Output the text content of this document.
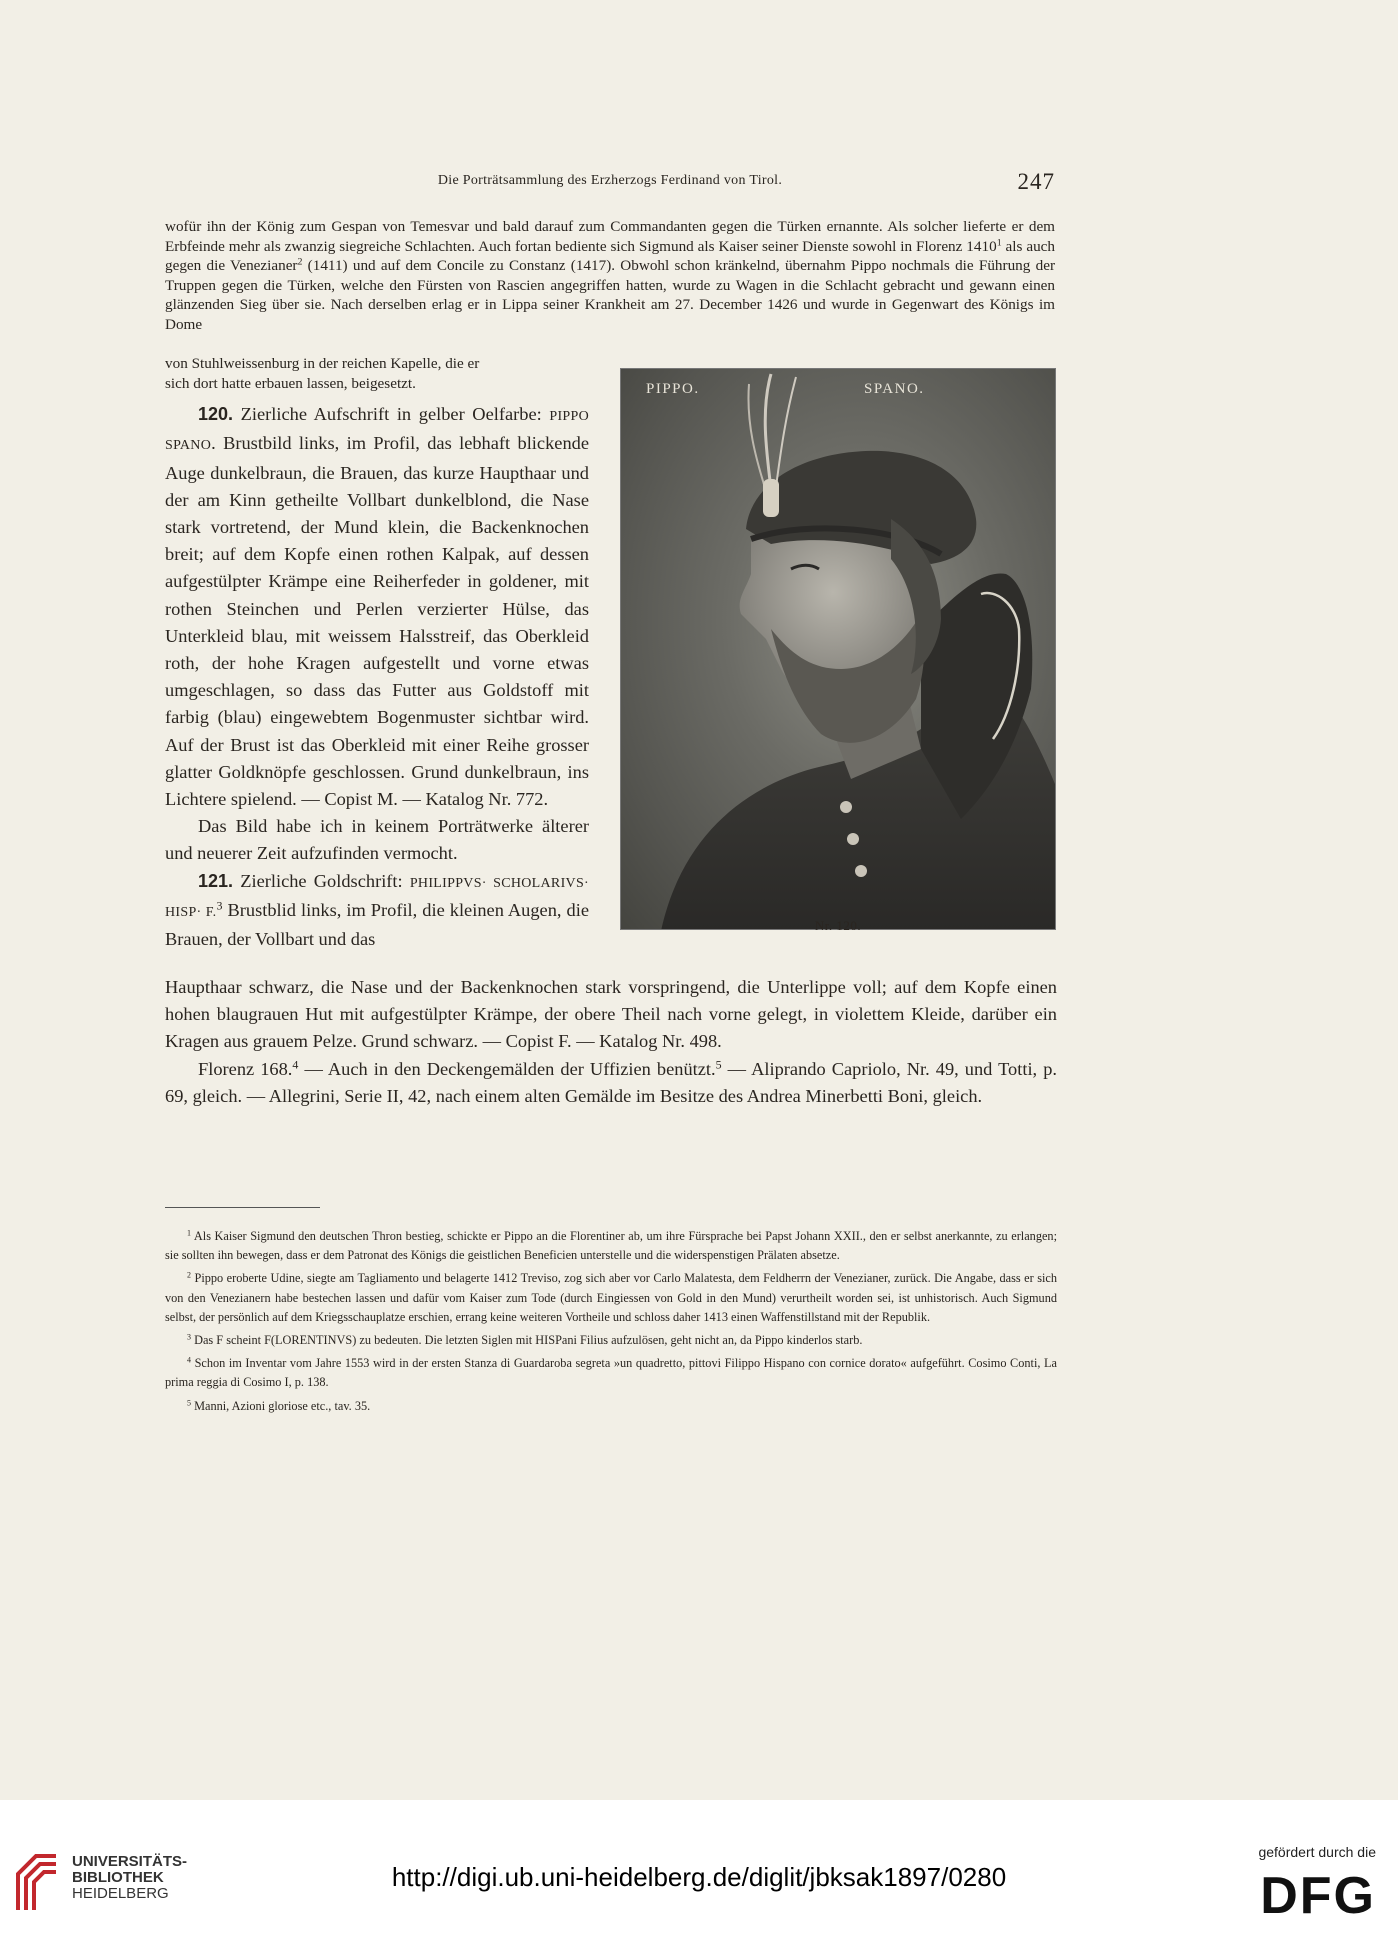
Die Porträtsammlung des Erzherzogs Ferdinand von Tirol.	247

wofür ihn der König zum Gespan von Temesvar und bald darauf zum Commandanten gegen die Türken ernannte. Als solcher lieferte er dem Erbfeinde mehr als zwanzig siegreiche Schlachten. Auch fortan bediente sich Sigmund als Kaiser seiner Dienste sowohl in Florenz 1410$^1$ als auch gegen die Venezianer$^2$ (1411) und auf dem Concile zu Constanz (1417). Obwohl schon kränkelnd, übernahm Pippo nochmals die Führung der Truppen gegen die Türken, welche den Fürsten von Rascien angegriffen hatten, wurde zu Wagen in die Schlacht gebracht und gewann einen glänzenden Sieg über sie. Nach derselben erlag er in Lippa seiner Krankheit am 27. December 1426 und wurde in Gegenwart des Königs im Dome

von Stuhlweissenburg in der reichen Kapelle, die er

sich dort hatte erbauen lassen, beigesetzt.

120. Zierliche Aufschrift in gelber Oelfarbe: PIPPO SPANO. Brustbild links, im Profil, das lebhaft blickende Auge dunkelbraun, die Brauen, das kurze Haupthaar und der am Kinn getheilte Vollbart dunkelblond, die Nase stark vortretend, der Mund klein, die Backenknochen breit; auf dem Kopfe einen rothen Kalpak, auf dessen aufgestülpter Krämpe eine Reiherfeder in goldener, mit rothen Steinchen und Perlen verzierter Hülse, das Unterkleid blau, mit weissem Halsstreif, das Oberkleid roth, der hohe Kragen aufgestellt und vorne etwas umgeschlagen, so dass das Futter aus Goldstoff mit farbig (blau) eingewebtem Bogenmuster sichtbar wird. Auf der Brust ist das Oberkleid mit einer Reihe grosser glatter Goldknöpfe geschlossen. Grund dunkelbraun, ins Lichtere spielend. — Copist M. — Katalog Nr. 772.

Das Bild habe ich in keinem Porträtwerke älterer und neuerer Zeit aufzufinden vermocht.

121. Zierliche Goldschrift: PHILIPPVS· SCHOLARIVS· HISP· F.$^3$ Brustblid links, im Profil, die kleinen Augen, die Brauen, der Vollbart und das

PIPPO.	SPANO.
Nr. 120.

Haupthaar schwarz, die Nase und der Backenknochen stark vorspringend, die Unterlippe voll; auf dem Kopfe einen hohen blaugrauen Hut mit aufgestülpter Krämpe, der obere Theil nach vorne gelegt, in violettem Kleide, darüber ein Kragen aus grauem Pelze. Grund schwarz. — Copist F. — Katalog Nr. 498.

Florenz 168.$^4$ — Auch in den Deckengemälden der Uffizien benützt.$^5$ — Aliprando Capriolo, Nr. 49, und Totti, p. 69, gleich. — Allegrini, Serie II, 42, nach einem alten Gemälde im Besitze des Andrea Minerbetti Boni, gleich.

$^1$ Als Kaiser Sigmund den deutschen Thron bestieg, schickte er Pippo an die Florentiner ab, um ihre Fürsprache bei Papst Johann XXII., den er selbst anerkannte, zu erlangen; sie sollten ihn bewegen, dass er dem Patronat des Königs die geistlichen Beneficien unterstelle und die widerspenstigen Prälaten absetze.

$^2$ Pippo eroberte Udine, siegte am Tagliamento und belagerte 1412 Treviso, zog sich aber vor Carlo Malatesta, dem Feldherrn der Venezianer, zurück. Die Angabe, dass er sich von den Venezianern habe bestechen lassen und dafür vom Kaiser zum Tode (durch Eingiessen von Gold in den Mund) verurtheilt worden sei, ist unhistorisch. Auch Sigmund selbst, der persönlich auf dem Kriegsschauplatze erschien, errang keine weiteren Vortheile und schloss daher 1413 einen Waffenstillstand mit der Republik.

$^3$ Das F scheint F(LORENTINVS) zu bedeuten. Die letzten Siglen mit HISPani Filius aufzulösen, geht nicht an, da Pippo kinderlos starb.

$^4$ Schon im Inventar vom Jahre 1553 wird in der ersten Stanza di Guardaroba segreta »un quadretto, pittovi Filippo Hispano con cornice dorato« aufgeführt. Cosimo Conti, La prima reggia di Cosimo I, p. 138.

$^5$ Manni, Azioni gloriose etc., tav. 35.

UNIVERSITÄTS-
BIBLIOTHEK
HEIDELBERG
http://digi.ub.uni-heidelberg.de/diglit/jbksak1897/0280
gefördert durch die
DFG
